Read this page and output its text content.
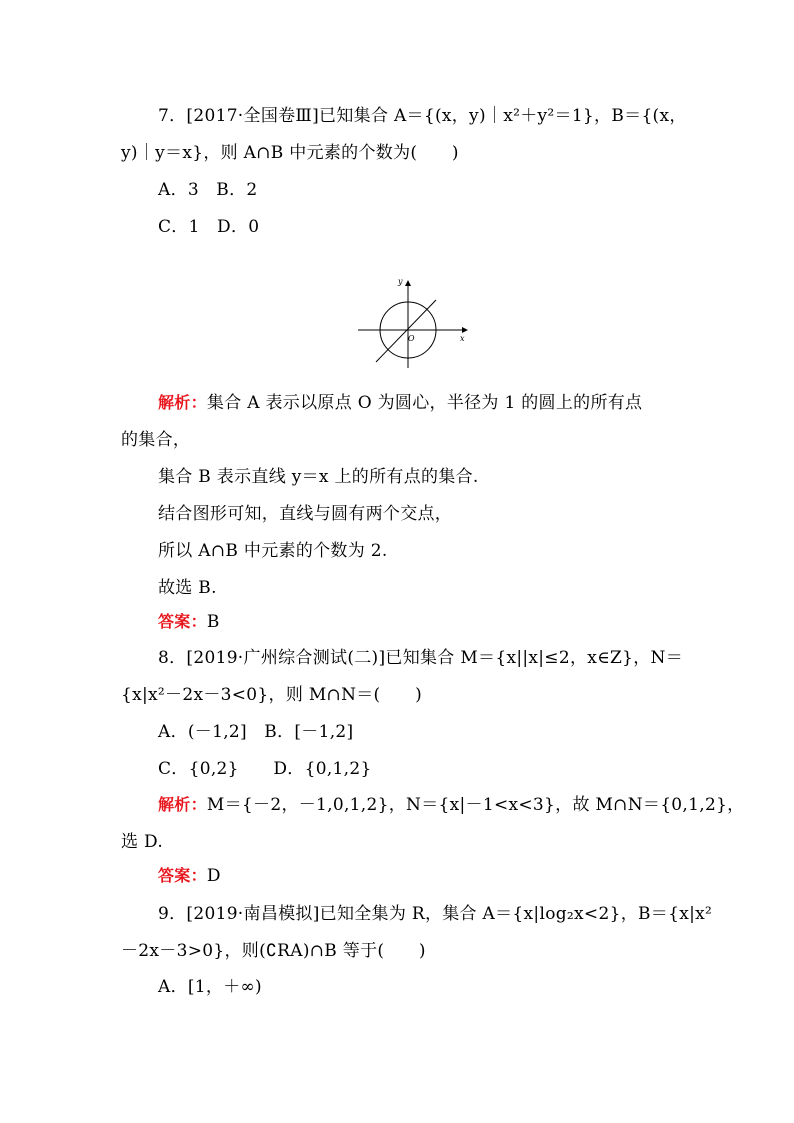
7．[2017·全国卷Ⅲ]已知集合 A＝{(x，y)｜x²＋y²＝1}，B＝{(x，
y)｜y＝x}，则 A∩B 中元素的个数为(　　)
A．3　B．2
C．1　D．0
y
x
O
解析：集合 A 表示以原点 O 为圆心，半径为 1 的圆上的所有点
的集合，
集合 B 表示直线 y＝x 上的所有点的集合.
结合图形可知，直线与圆有两个交点，
所以 A∩B 中元素的个数为 2.
故选 B.
答案：B
8．[2019·广州综合测试(二)]已知集合 M＝{x||x|≤2，x∈Z}，N＝
{x|x²－2x－3<0}，则 M∩N＝(　　)
A．(－1,2]　B．[－1,2]
C．{0,2}　　D．{0,1,2}
解析：M＝{－2，－1,0,1,2}，N＝{x|－1<x<3}，故 M∩N＝{0,1,2}，
选 D.
答案：D
9．[2019·南昌模拟]已知全集为 R，集合 A＝{x|log₂x<2}，B＝{x|x²
－2x－3>0}，则(∁RA)∩B 等于(　　)
A．[1，＋∞)
